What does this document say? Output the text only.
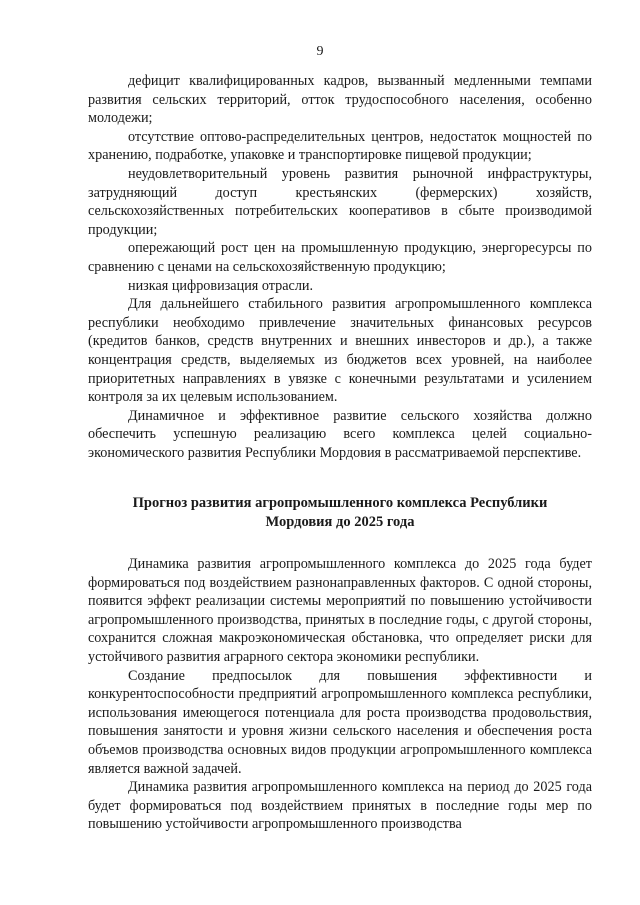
9

дефицит квалифицированных кадров, вызванный медленными темпами развития сельских территорий, отток трудоспособного населения, особенно молодежи;

отсутствие оптово-распределительных центров, недостаток мощностей по хранению, подработке, упаковке и транспортировке пищевой продукции;

неудовлетворительный уровень развития рыночной инфраструктуры, затрудняющий доступ крестьянских (фермерских) хозяйств, сельскохозяйственных потребительских кооперативов в сбыте производимой продукции;

опережающий рост цен на промышленную продукцию, энергоресурсы по сравнению с ценами на сельскохозяйственную продукцию;

низкая цифровизация отрасли.

Для дальнейшего стабильного развития агропромышленного комплекса республики необходимо привлечение значительных финансовых ресурсов (кредитов банков, средств внутренних и внешних инвесторов и др.), а также концентрация средств, выделяемых из бюджетов всех уровней, на наиболее приоритетных направлениях в увязке с конечными результатами и усилением контроля за их целевым использованием.

Динамичное и эффективное развитие сельского хозяйства должно обеспечить успешную реализацию всего комплекса целей социально-экономического развития Республики Мордовия в рассматриваемой перспективе.

Прогноз развития агропромышленного комплекса Республики
Мордовия до 2025 года

Динамика развития агропромышленного комплекса до 2025 года будет формироваться под воздействием разнонаправленных факторов. С одной стороны, появится эффект реализации системы мероприятий по повышению устойчивости агропромышленного производства, принятых в последние годы, с другой стороны, сохранится сложная макроэкономическая обстановка, что определяет риски для устойчивого развития аграрного сектора экономики республики.

Создание предпосылок для повышения эффективности и конкурентоспособности предприятий агропромышленного комплекса республики, использования имеющегося потенциала для роста производства продовольствия, повышения занятости и уровня жизни сельского населения и обеспечения роста объемов производства основных видов продукции агропромышленного комплекса является важной задачей.

Динамика развития агропромышленного комплекса на период до 2025 года будет формироваться под воздействием принятых в последние годы мер по повышению устойчивости агропромышленного производства
